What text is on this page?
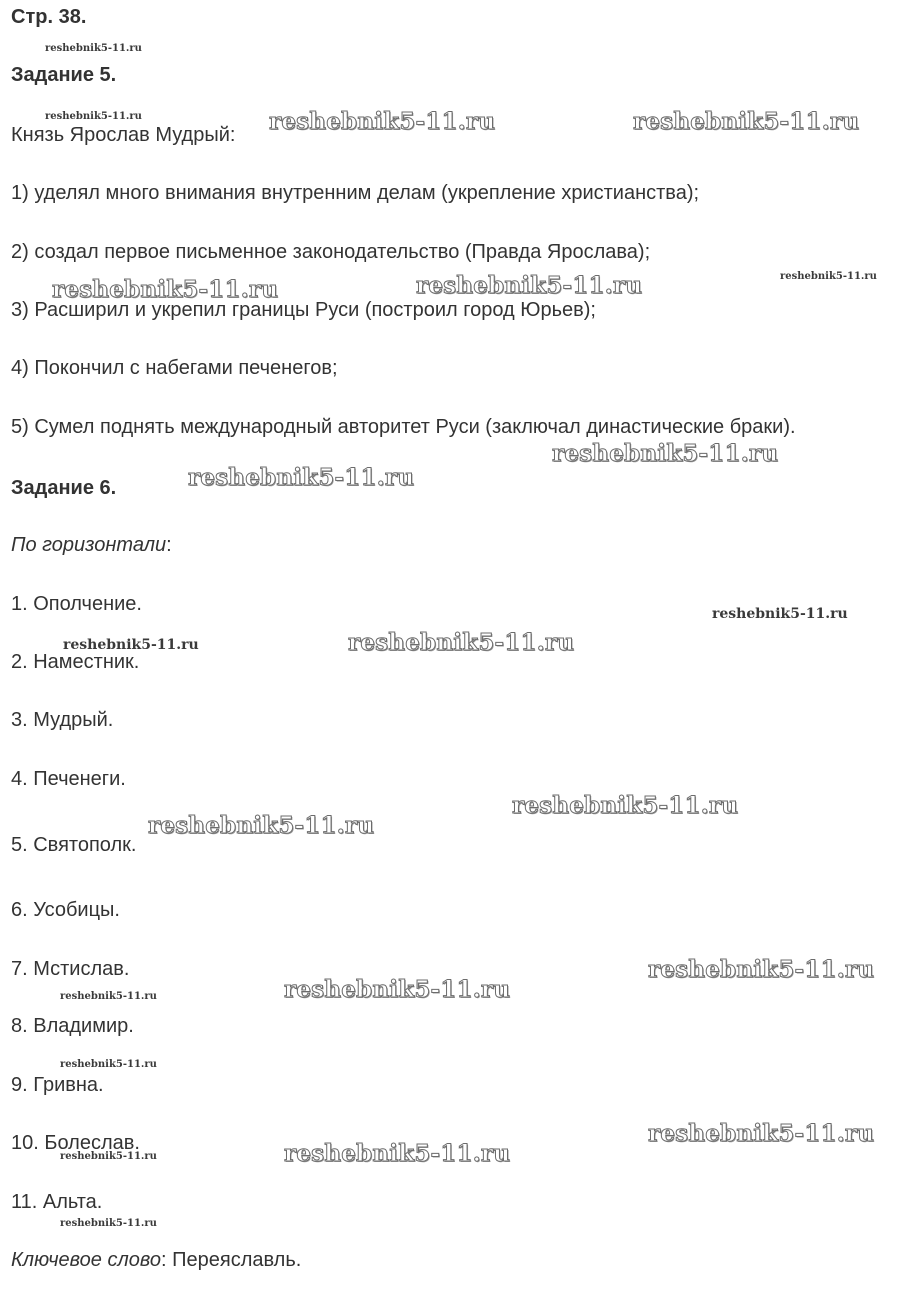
Стр. 38.
Задание 5.
Князь Ярослав Мудрый:
1) уделял много внимания внутренним делам (укрепление христианства);
2) создал первое письменное законодательство (Правда Ярослава);
3) Расширил и укрепил границы Руси (построил город Юрьев);
4) Покончил с набегами печенегов;
5) Сумел поднять международный авторитет Руси (заключал династические браки).
Задание 6.
По горизонтали:
1. Ополчение.
2. Наместник.
3. Мудрый.
4. Печенеги.
5. Святополк.
6. Усобицы.
7. Мстислав.
8. Владимир.
9. Гривна.
10. Болеслав.
11. Альта.
Ключевое слово: Переяславль.
reshebnik5-11.ru
reshebnik5-11.ru
reshebnik5-11.ru
reshebnik5-11.ru
reshebnik5-11.ru
reshebnik5-11.ru
reshebnik5-11.ru
reshebnik5-11.ru
reshebnik5-11.ru
reshebnik5-11.ru	reshebnik5-11.ru
reshebnik5-11.ru	reshebnik5-11.ru
reshebnik5-11.ru
reshebnik5-11.ru
reshebnik5-11.ru
reshebnik5-11.ru
reshebnik5-11.ru
reshebnik5-11.ru
reshebnik5-11.ru
reshebnik5-11.ru
reshebnik5-11.ru
